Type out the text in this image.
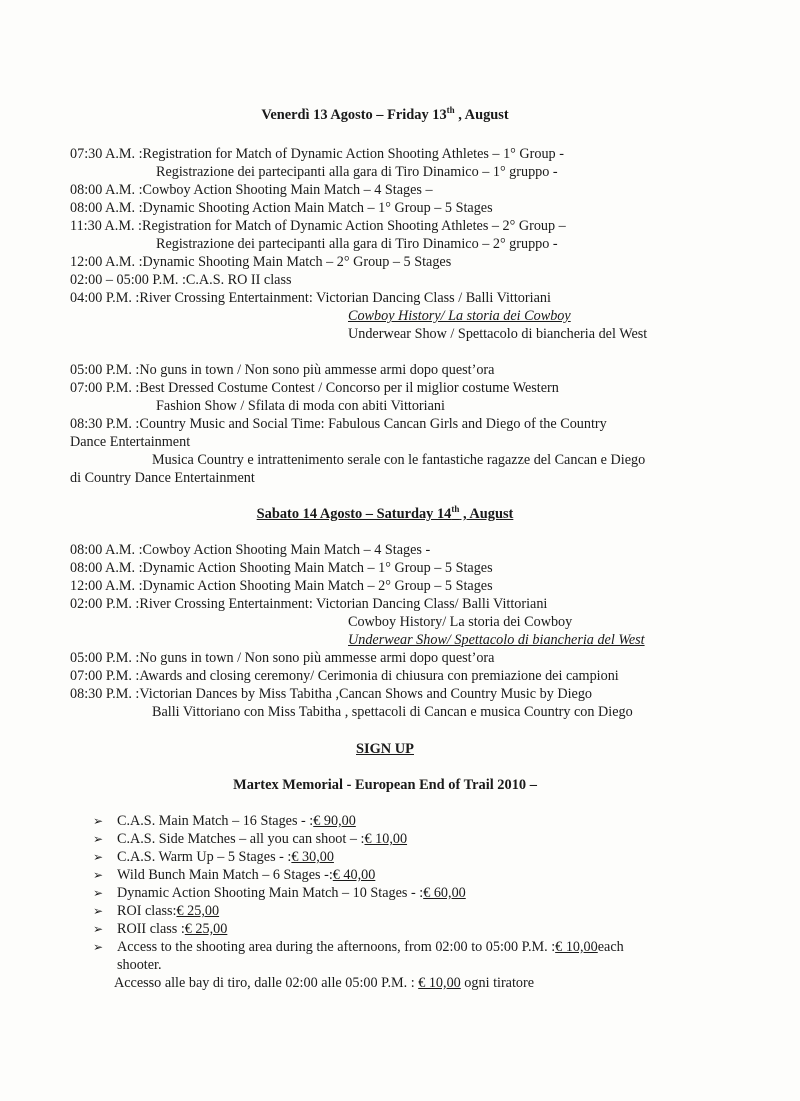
Venerdì 13 Agosto – Friday 13th , August
07:30 A.M. : Registration for Match of Dynamic Action Shooting Athletes – 1° Group -
Registrazione dei partecipanti alla gara di Tiro Dinamico – 1° gruppo -
08:00 A.M. : Cowboy Action Shooting Main Match – 4 Stages –
08:00 A.M. : Dynamic Shooting Action Main Match – 1° Group – 5 Stages
11:30 A.M. : Registration for Match of Dynamic Action Shooting Athletes – 2° Group –
Registrazione dei partecipanti alla gara di Tiro Dinamico – 2° gruppo -
12:00 A.M. : Dynamic Shooting Main Match – 2° Group – 5 Stages
02:00 – 05:00 P.M. : C.A.S. RO II class
04:00 P.M. : River Crossing Entertainment: Victorian Dancing Class / Balli Vittoriani
Cowboy History/ La storia dei Cowboy
Underwear Show / Spettacolo di biancheria del West
05:00 P.M. : No guns in town / Non sono più ammesse armi dopo quest’ora
07:00 P.M. : Best Dressed Costume Contest / Concorso per il miglior costume Western
Fashion Show / Sfilata di moda con abiti Vittoriani
08:30 P.M. : Country Music and Social Time: Fabulous Cancan Girls and Diego of the Country
Dance Entertainment
Musica Country e intrattenimento serale con le fantastiche ragazze del Cancan e Diego
di Country Dance Entertainment
Sabato 14 Agosto – Saturday 14th , August
08:00 A.M. : Cowboy Action Shooting Main Match – 4 Stages -
08:00 A.M. : Dynamic Action Shooting Main Match – 1° Group – 5 Stages
12:00 A.M. : Dynamic Action Shooting Main Match – 2° Group – 5 Stages
02:00 P.M. : River Crossing Entertainment: Victorian Dancing Class/ Balli Vittoriani
Cowboy History/ La storia dei Cowboy
Underwear Show/ Spettacolo di biancheria del West
05:00 P.M. : No guns in town / Non sono più ammesse armi dopo quest’ora
07:00 P.M. : Awards and closing ceremony/ Cerimonia di chiusura con premiazione dei campioni
08:30 P.M. : Victorian Dances by Miss Tabitha ,Cancan Shows and Country Music by Diego
Balli Vittoriano con Miss Tabitha , spettacoli di Cancan e musica Country con Diego
SIGN UP
Martex Memorial - European End of Trail 2010 –
➢ C.A.S. Main Match – 16 Stages - : € 90,00
➢ C.A.S. Side Matches – all you can shoot – : € 10,00
➢ C.A.S. Warm Up – 5 Stages - : € 30,00
➢ Wild Bunch Main Match – 6 Stages -: € 40,00
➢ Dynamic Action Shooting Main Match – 10 Stages - : € 60,00
➢ ROI class: € 25,00
➢ ROII class : € 25,00
➢ Access to the shooting area during the afternoons, from 02:00 to 05:00 P.M. : € 10,00 each
shooter.
Accesso alle bay di tiro, dalle 02:00 alle 05:00 P.M. : € 10,00 ogni tiratore
